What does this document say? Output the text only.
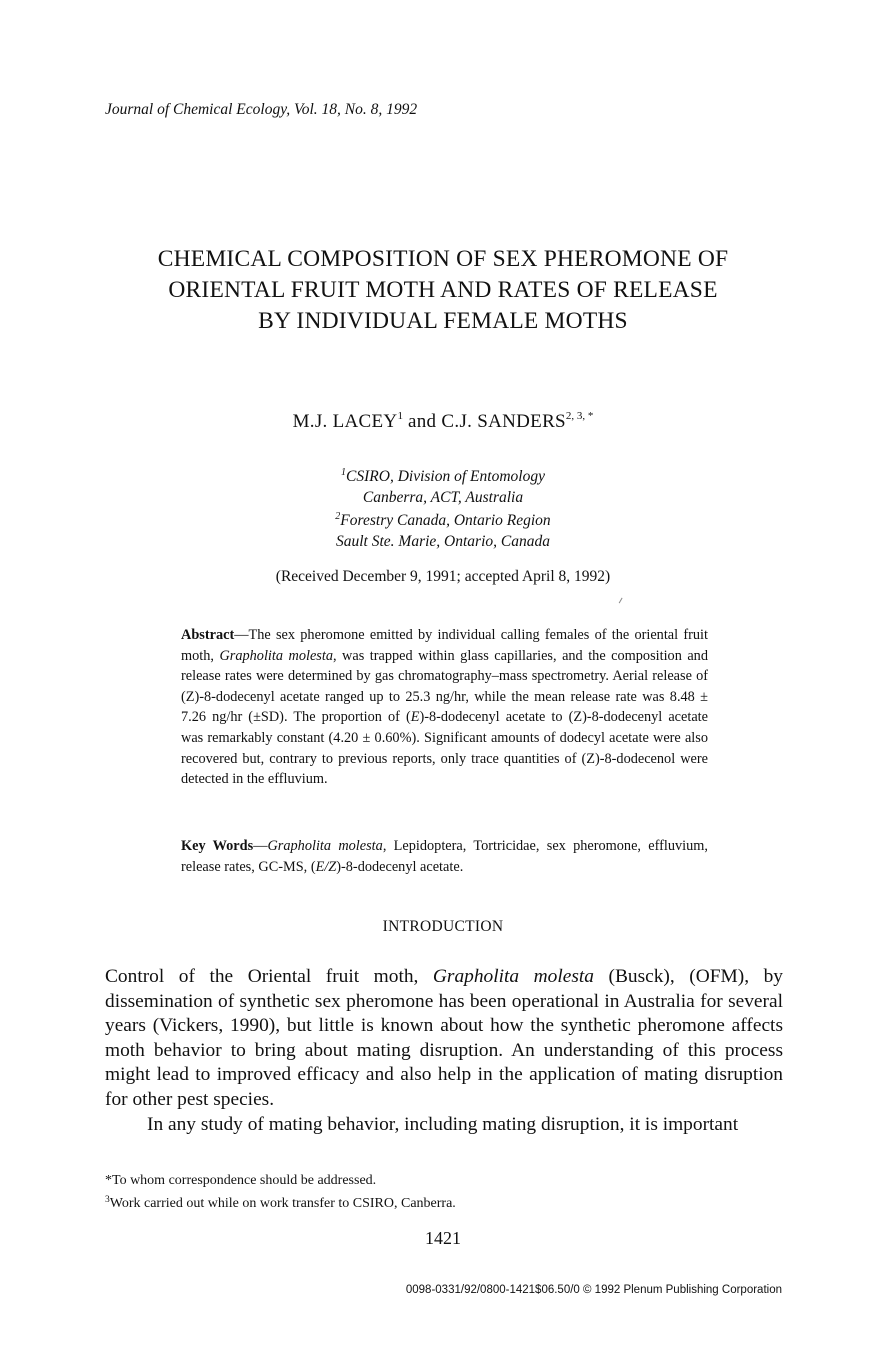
Journal of Chemical Ecology, Vol. 18, No. 8, 1992
CHEMICAL COMPOSITION OF SEX PHEROMONE OF
ORIENTAL FRUIT MOTH AND RATES OF RELEASE
BY INDIVIDUAL FEMALE MOTHS
M.J. LACEY$^1$ and C.J. $SANDERS^{2, 3, *}$
$^1$CSIRO, Division of Entomology
Canberra, ACT, Australia
$^2$Forestry Canada, Ontario Region
Sault Ste. Marie, Ontario, Canada
(Received December 9, 1991; accepted April 8, 1992)
Abstract—The sex pheromone emitted by individual calling females of the oriental fruit moth, Grapholita molesta, was trapped within glass capillaries, and the composition and release rates were determined by gas chromatography–mass spectrometry. Aerial release of (Z)-8-dodecenyl acetate ranged up to 25.3 ng/hr, while the mean release rate was 8.48 ± 7.26 ng/hr (±SD). The proportion of (E)-8-dodecenyl acetate to (Z)-8-dodecenyl acetate was remarkably constant (4.20 ± 0.60%). Significant amounts of dodecyl acetate were also recovered but, contrary to previous reports, only trace quantities of (Z)-8-dodecenol were detected in the effluvium.
Key Words—Grapholita molesta, Lepidoptera, Tortricidae, sex pheromone, effluvium, release rates, GC-MS, (E/Z)-8-dodecenyl acetate.
INTRODUCTION

Control of the Oriental fruit moth, Grapholita molesta (Busck), (OFM), by dissemination of synthetic sex pheromone has been operational in Australia for several years (Vickers, 1990), but little is known about how the synthetic pheromone affects moth behavior to bring about mating disruption. An understanding of this process might lead to improved efficacy and also help in the application of mating disruption for other pest species.

In any study of mating behavior, including mating disruption, it is important

*To whom correspondence should be addressed.
$^3$Work carried out while on work transfer to CSIRO, Canberra.
1421
0098-0331/92/0800-1421$06.50/0 © 1992 Plenum Publishing Corporation
